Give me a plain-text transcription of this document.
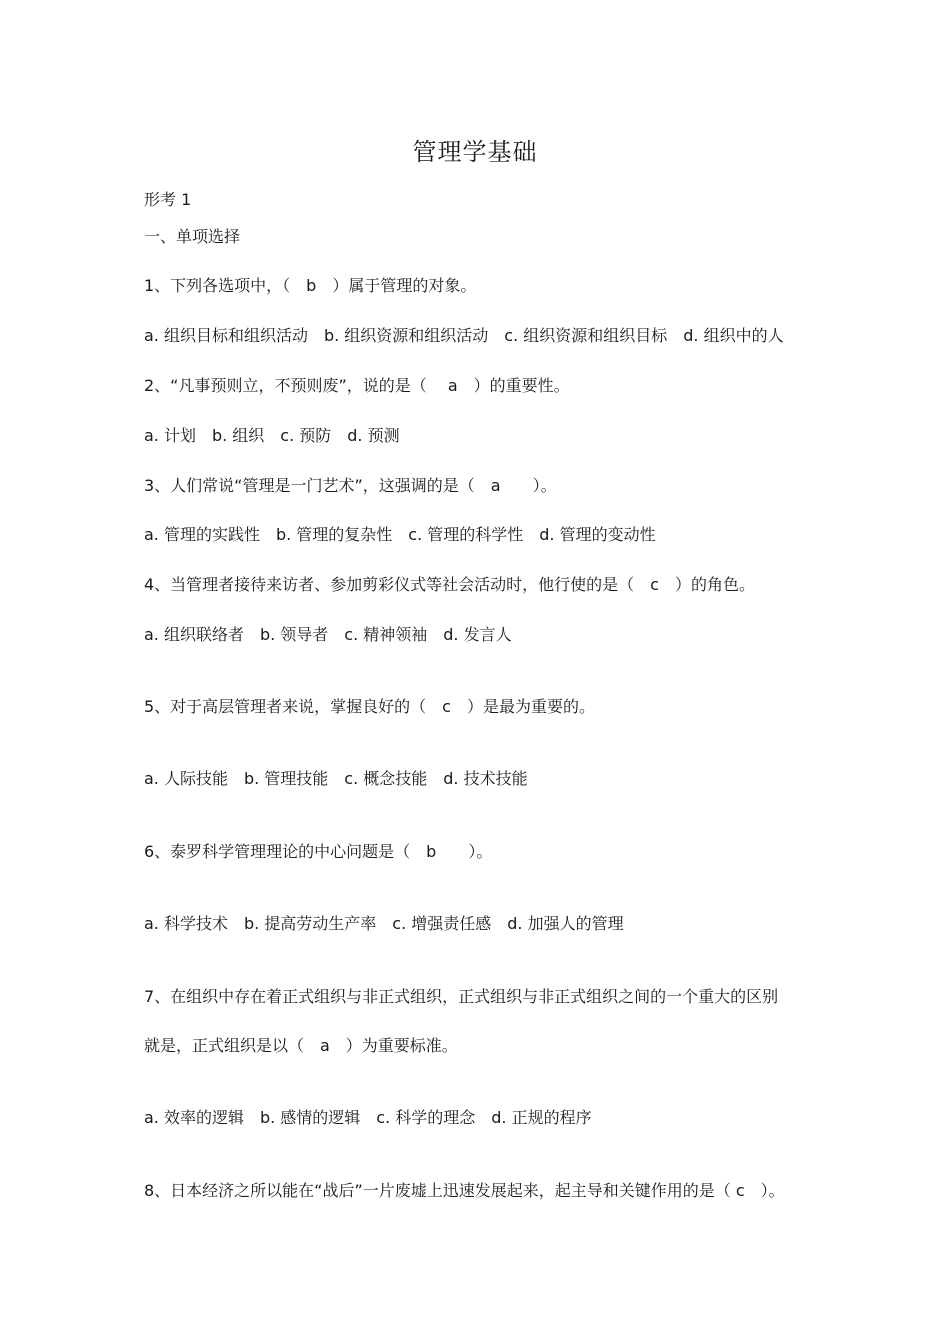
管理学基础
形考 1
一、单项选择
1、下列各选项中，（　b　）属于管理的对象。
a. 组织目标和组织活动　b. 组织资源和组织活动　c. 组织资源和组织目标　d. 组织中的人
2、“凡事预则立，不预则废”，说的是（　 a　）的重要性。
a. 计划　b. 组织　c. 预防　d. 预测
3、人们常说“管理是一门艺术”，这强调的是（　a　　）。
a. 管理的实践性　b. 管理的复杂性　c. 管理的科学性　d. 管理的变动性
4、当管理者接待来访者、参加剪彩仪式等社会活动时，他行使的是（　c　）的角色。
a. 组织联络者　b. 领导者　c. 精神领袖　d. 发言人
5、对于高层管理者来说，掌握良好的（　c　）是最为重要的。
a. 人际技能　b. 管理技能　c. 概念技能　d. 技术技能
6、泰罗科学管理理论的中心问题是（　b　　）。
a. 科学技术　b. 提高劳动生产率　c. 增强责任感　d. 加强人的管理
7、在组织中存在着正式组织与非正式组织，正式组织与非正式组织之间的一个重大的区别
就是，正式组织是以（　a　）为重要标准。
a. 效率的逻辑　b. 感情的逻辑　c. 科学的理念　d. 正规的程序
8、日本经济之所以能在“战后”一片废墟上迅速发展起来，起主导和关键作用的是（ c　）。
